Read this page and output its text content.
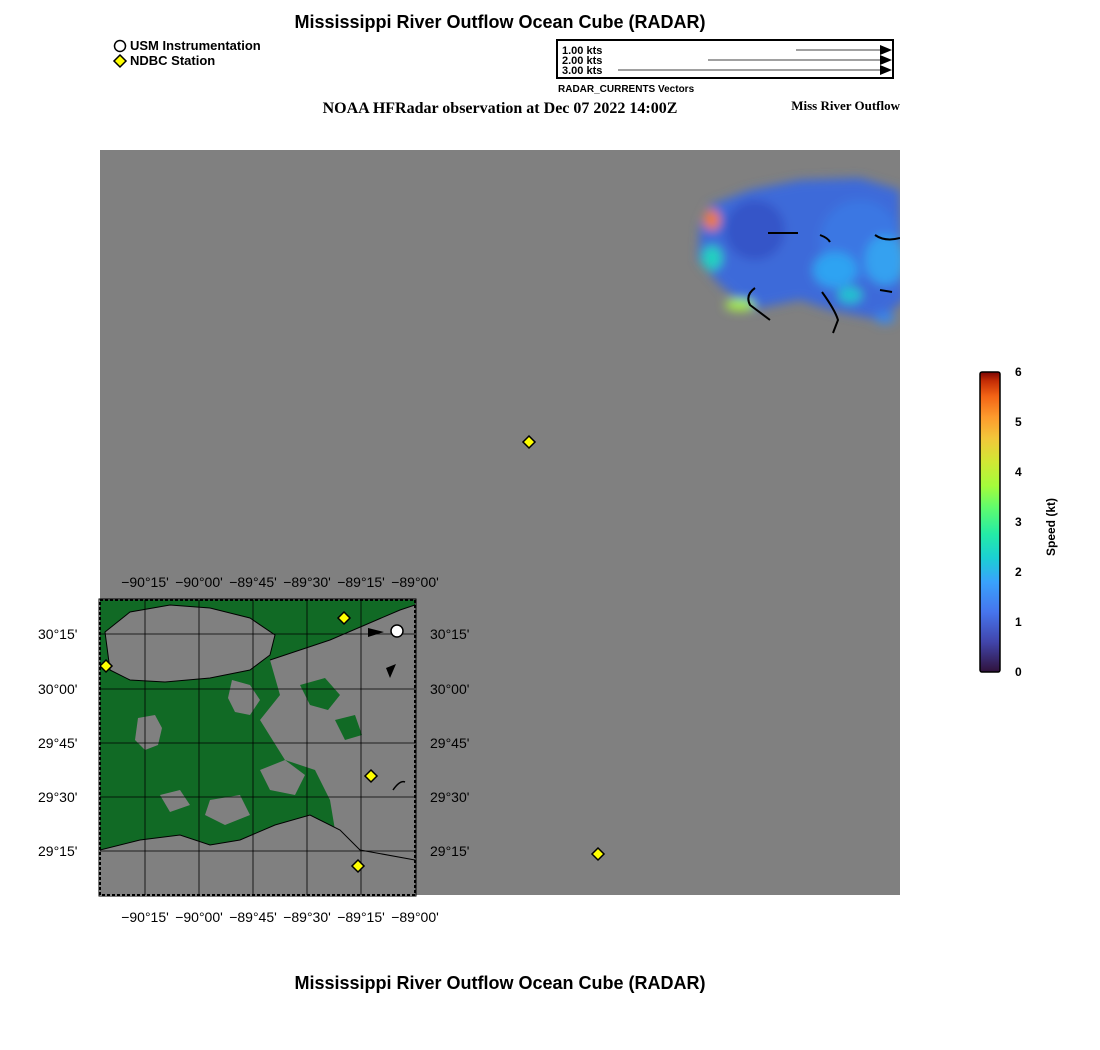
Mississippi River Outflow Ocean Cube (RADAR)
USM Instrumentation
NDBC Station
1.00 kts
2.00 kts
3.00 kts
RADAR_CURRENTS Vectors
NOAA HFRadar observation at Dec 07 2022 14:00Z	Miss River Outflow
−90°15' −90°00' −89°45' −89°30' −89°15' −89°00'
−90°15' −90°00' −89°45' −89°30' −89°15' −89°00'
30°15'
30°00'
29°45'
29°30'
29°15'
30°15'
30°00'
29°45'
29°30'
29°15'
6
5
4
3
2
1
0
Speed (kt)
Mississippi River Outflow Ocean Cube (RADAR)
